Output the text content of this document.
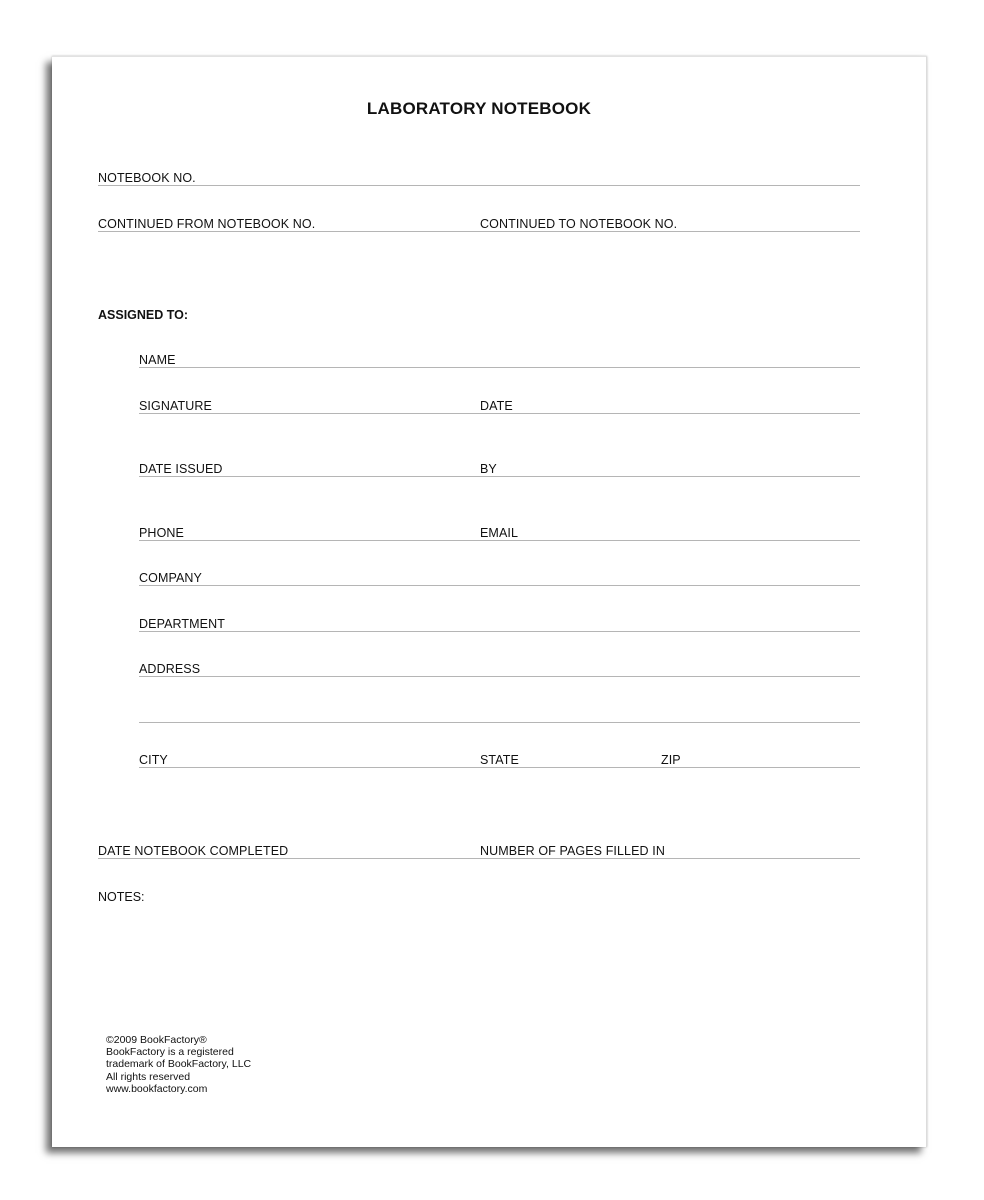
LABORATORY NOTEBOOK
NOTEBOOK NO.
CONTINUED FROM NOTEBOOK NO.	CONTINUED TO NOTEBOOK NO.
ASSIGNED TO:
NAME
SIGNATURE	DATE
DATE ISSUED	BY
PHONE	EMAIL
COMPANY
DEPARTMENT
ADDRESS
CITY	STATE	ZIP
DATE NOTEBOOK COMPLETED	NUMBER OF PAGES FILLED IN
NOTES:
©2009 BookFactory®
BookFactory is a registered
trademark of BookFactory, LLC
All rights reserved
www.bookfactory.com
